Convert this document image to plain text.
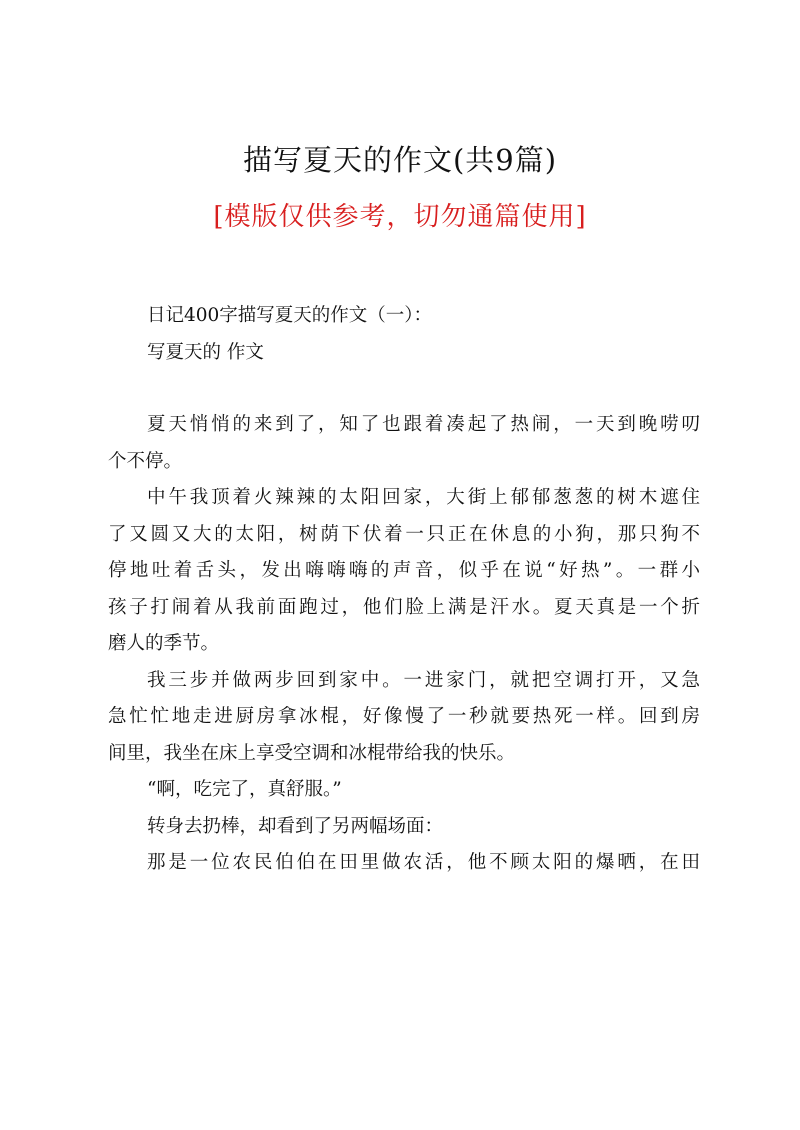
描写夏天的作文(共9篇)
[模版仅供参考，切勿通篇使用]
日记400字描写夏天的作文（一）：
写夏天的 作文
夏天悄悄的来到了，知了也跟着凑起了热闹，一天到晚唠叨
个不停。
中午我顶着火辣辣的太阳回家，大街上郁郁葱葱的树木遮住
了又圆又大的太阳，树荫下伏着一只正在休息的小狗，那只狗不
停地吐着舌头，发出嗨嗨嗨的声音，似乎在说“好热”。一群小
孩子打闹着从我前面跑过，他们脸上满是汗水。夏天真是一个折
磨人的季节。
我三步并做两步回到家中。一进家门，就把空调打开，又急
急忙忙地走进厨房拿冰棍，好像慢了一秒就要热死一样。回到房
间里，我坐在床上享受空调和冰棍带给我的快乐。
“啊，吃完了，真舒服。”
转身去扔棒，却看到了另两幅场面：
那是一位农民伯伯在田里做农活，他不顾太阳的爆晒，在田
